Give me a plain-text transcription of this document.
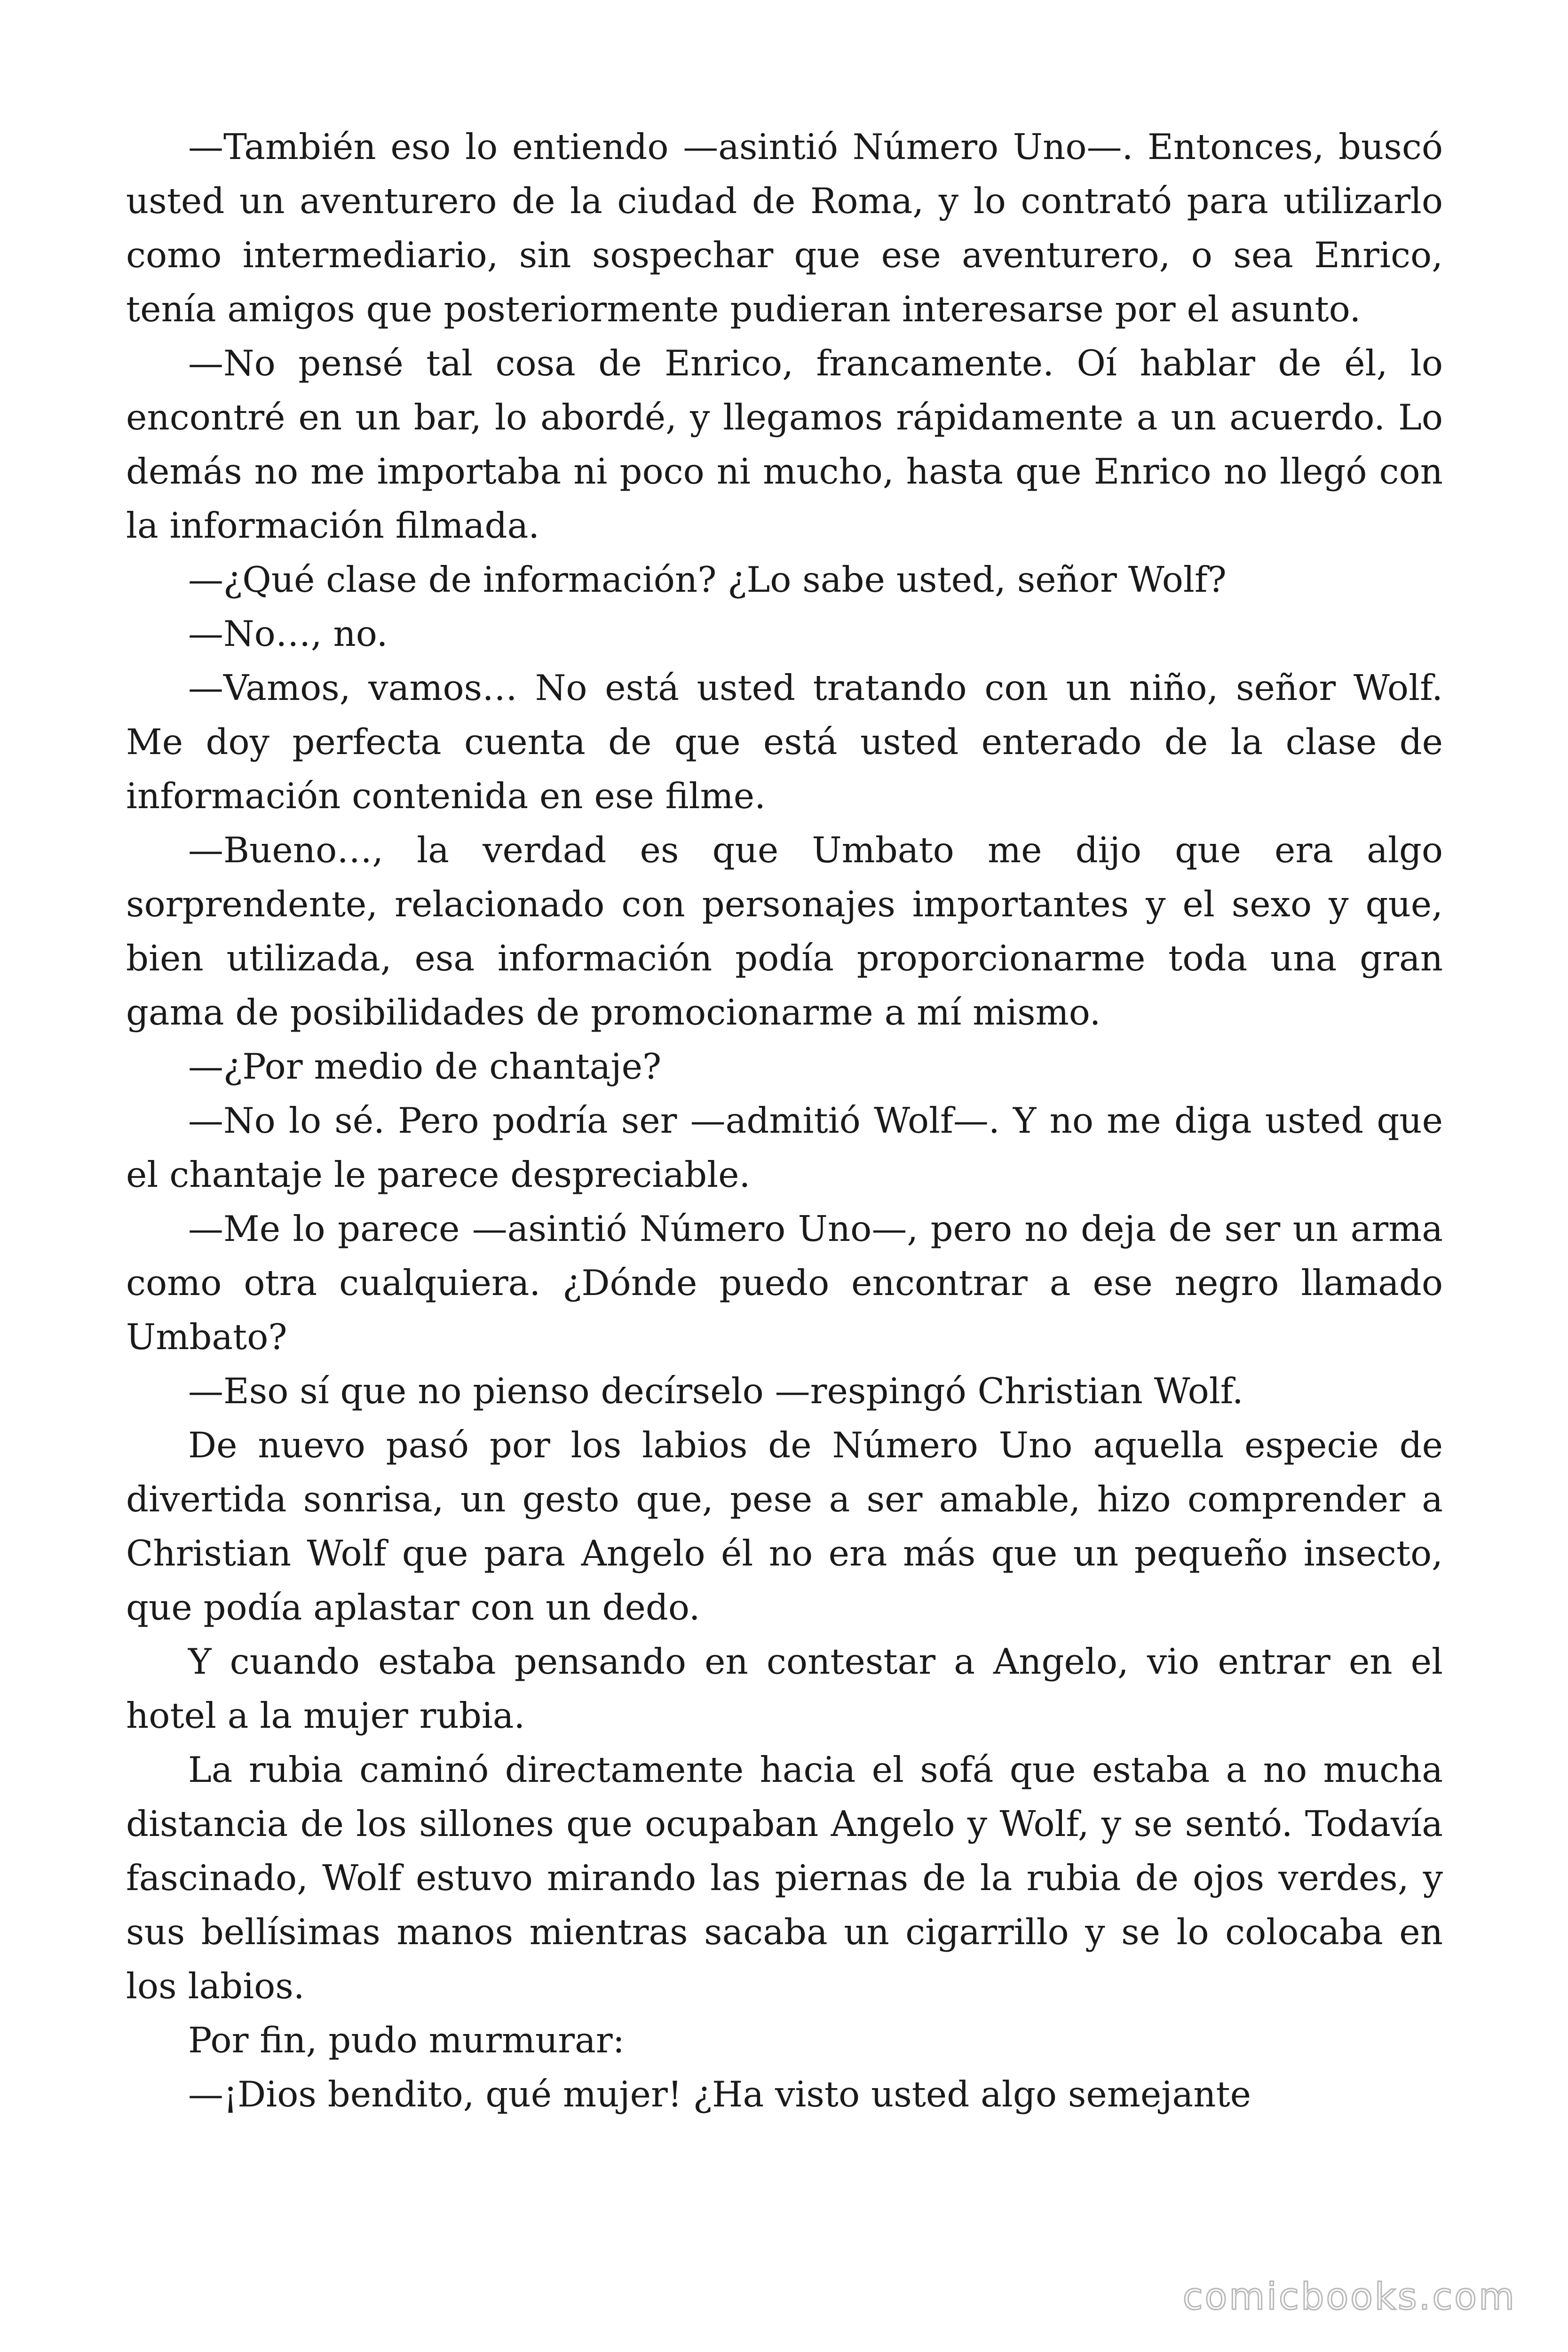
—También eso lo entiendo —asintió Número Uno—. Entonces, buscó usted un aventurero de la ciudad de Roma, y lo contrató para utilizarlo como intermediario, sin sospechar que ese aventurero, o sea Enrico, tenía amigos que posteriormente pudieran interesarse por el asunto.

—No pensé tal cosa de Enrico, francamente. Oí hablar de él, lo encontré en un bar, lo abordé, y llegamos rápidamente a un acuerdo. Lo demás no me importaba ni poco ni mucho, hasta que Enrico no llegó con la información filmada.

—¿Qué clase de información? ¿Lo sabe usted, señor Wolf?

—No…, no.

—Vamos, vamos… No está usted tratando con un niño, señor Wolf. Me doy perfecta cuenta de que está usted enterado de la clase de información contenida en ese filme.

—Bueno…, la verdad es que Umbato me dijo que era algo sorprendente, relacionado con personajes importantes y el sexo y que, bien utilizada, esa información podía proporcionarme toda una gran gama de posibilidades de promocionarme a mí mismo.

—¿Por medio de chantaje?

—No lo sé. Pero podría ser —admitió Wolf—. Y no me diga usted que el chantaje le parece despreciable.

—Me lo parece —asintió Número Uno—, pero no deja de ser un arma como otra cualquiera. ¿Dónde puedo encontrar a ese negro llamado Umbato?

—Eso sí que no pienso decírselo —respingó Christian Wolf.

De nuevo pasó por los labios de Número Uno aquella especie de divertida sonrisa, un gesto que, pese a ser amable, hizo comprender a Christian Wolf que para Angelo él no era más que un pequeño insecto, que podía aplastar con un dedo.

Y cuando estaba pensando en contestar a Angelo, vio entrar en el hotel a la mujer rubia.

La rubia caminó directamente hacia el sofá que estaba a no mucha distancia de los sillones que ocupaban Angelo y Wolf, y se sentó. Todavía fascinado, Wolf estuvo mirando las piernas de la rubia de ojos verdes, y sus bellísimas manos mientras sacaba un cigarrillo y se lo colocaba en los labios.

Por fin, pudo murmurar:

—¡Dios bendito, qué mujer! ¿Ha visto usted algo semejante

comicbooks.com
